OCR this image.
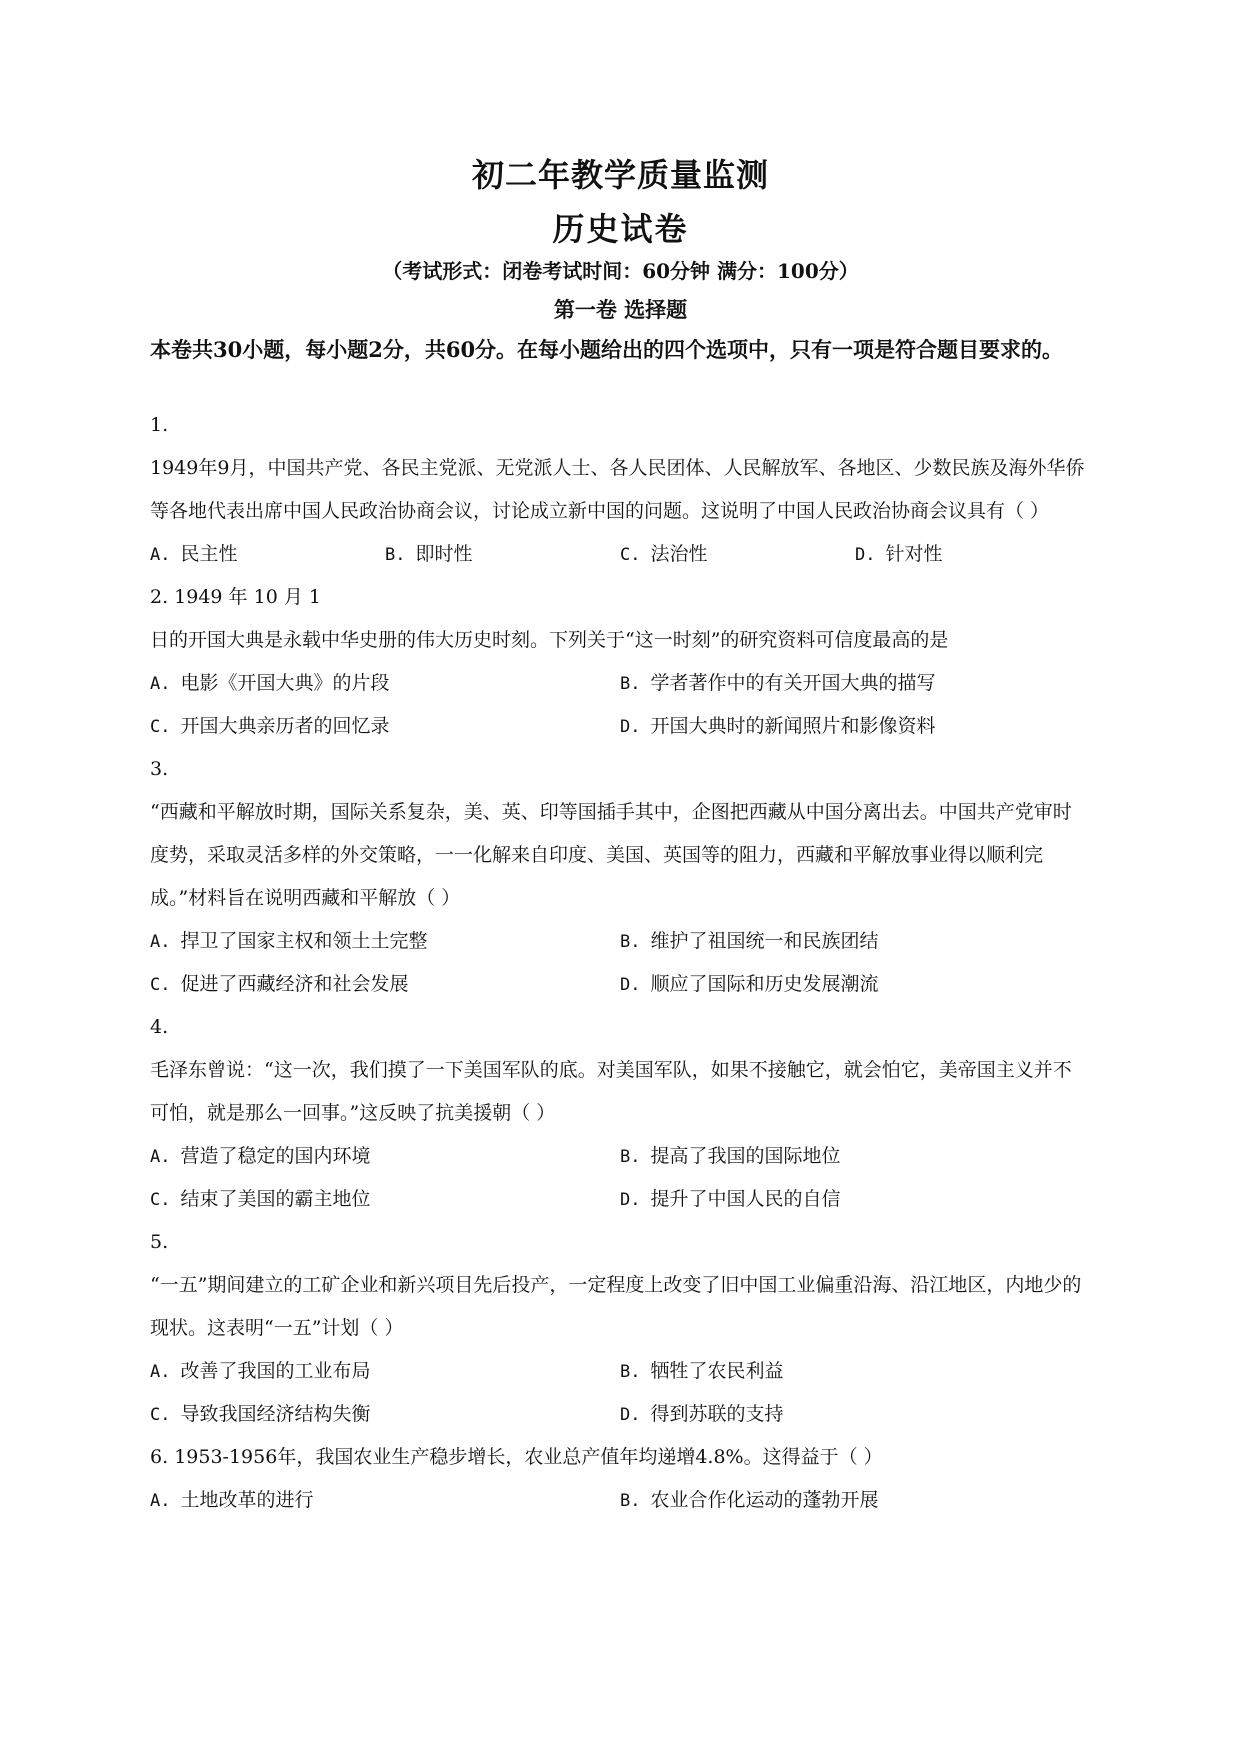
初二年教学质量监测
历史试卷
（考试形式：闭卷考试时间：60分钟 满分：100分）
第一卷 选择题
本卷共30小题，每小题2分，共60分。在每小题给出的四个选项中，只有一项是符合题目要求的。
1.
1949年9月，中国共产党、各民主党派、无党派人士、各人民团体、人民解放军、各地区、少数民族及海外华侨等各地代表出席中国人民政治协商会议，讨论成立新中国的问题。这说明了中国人民政治协商会议具有（ ）
A. 民主性	B. 即时性	C. 法治性	D. 针对性
2. 1949 年 10 月 1
日的开国大典是永载中华史册的伟大历史时刻。下列关于“这一时刻”的研究资料可信度最高的是
A. 电影《开国大典》的片段	B. 学者著作中的有关开国大典的描写
C. 开国大典亲历者的回忆录	D. 开国大典时的新闻照片和影像资料
3.
“西藏和平解放时期，国际关系复杂，美、英、印等国插手其中，企图把西藏从中国分离出去。中国共产党审时度势，采取灵活多样的外交策略，一一化解来自印度、美国、英国等的阻力，西藏和平解放事业得以顺利完成。”材料旨在说明西藏和平解放（ ）
A. 捍卫了国家主权和领土土完整	B. 维护了祖国统一和民族团结
C. 促进了西藏经济和社会发展	D. 顺应了国际和历史发展潮流
4.
毛泽东曾说：“这一次，我们摸了一下美国军队的底。对美国军队，如果不接触它，就会怕它，美帝国主义并不可怕，就是那么一回事。”这反映了抗美援朝（ ）
A. 营造了稳定的国内环境	B. 提高了我国的国际地位
C. 结束了美国的霸主地位	D. 提升了中国人民的自信
5.
“一五”期间建立的工矿企业和新兴项目先后投产，一定程度上改变了旧中国工业偏重沿海、沿江地区，内地少的现状。这表明“一五”计划（ ）
A. 改善了我国的工业布局	B. 牺牲了农民利益
C. 导致我国经济结构失衡	D. 得到苏联的支持
6. 1953-1956年，我国农业生产稳步增长，农业总产值年均递增4.8%。这得益于（ ）
A. 土地改革的进行	B. 农业合作化运动的蓬勃开展
